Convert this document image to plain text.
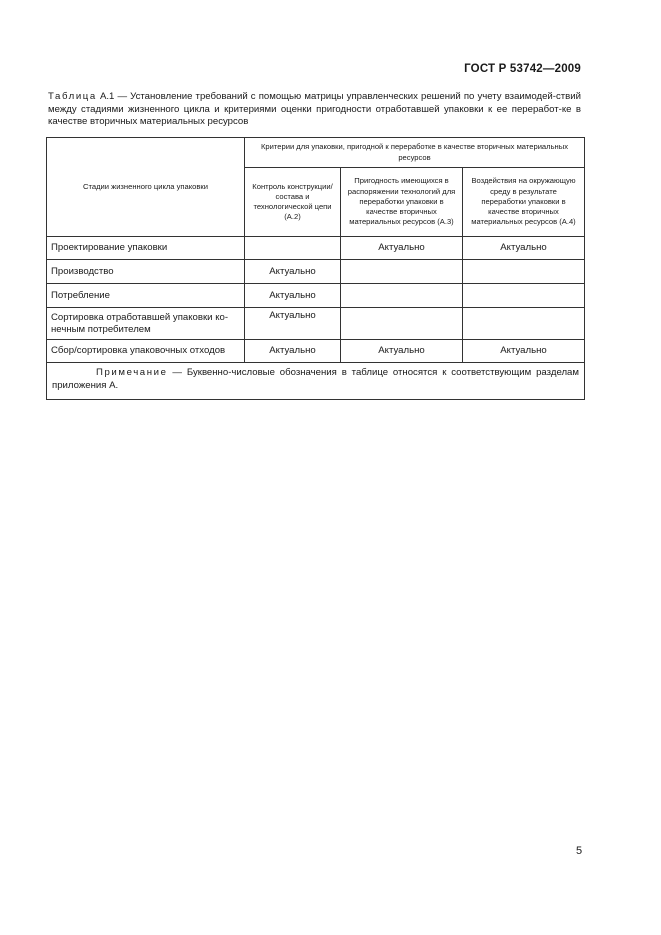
ГОСТ Р 53742—2009
Таблица А.1 — Установление требований с помощью матрицы управленческих решений по учету взаимодей-ствий между стадиями жизненного цикла и критериями оценки пригодности отработавшей упаковки к ее переработ-ке в качестве вторичных материальных ресурсов
Стадии жизненного цикла упаковки	Критерии для упаковки, пригодной к переработке в качестве вторичных материальных ресурсов		
	Контроль конструкции/состава и технологической цепи (А.2)	Пригодность имеющихся в распоряжении технологий для переработки упаковки в качестве вторичных материальных ресурсов (А.3)	Воздействия на окружающую среду в результате переработки упаковки в качестве вторичных материальных ресурсов (А.4)
Проектирование упаковки		Актуально	Актуально
Производство	Актуально		
Потребление	Актуально		
Сортировка отработавшей упаковки ко-нечным потребителем	Актуально		
Сбор/сортировка упаковочных отходов	Актуально	Актуально	Актуально
Примечание — Буквенно-числовые обозначения в таблице относятся к соответствующим разделам приложения А.			
5
